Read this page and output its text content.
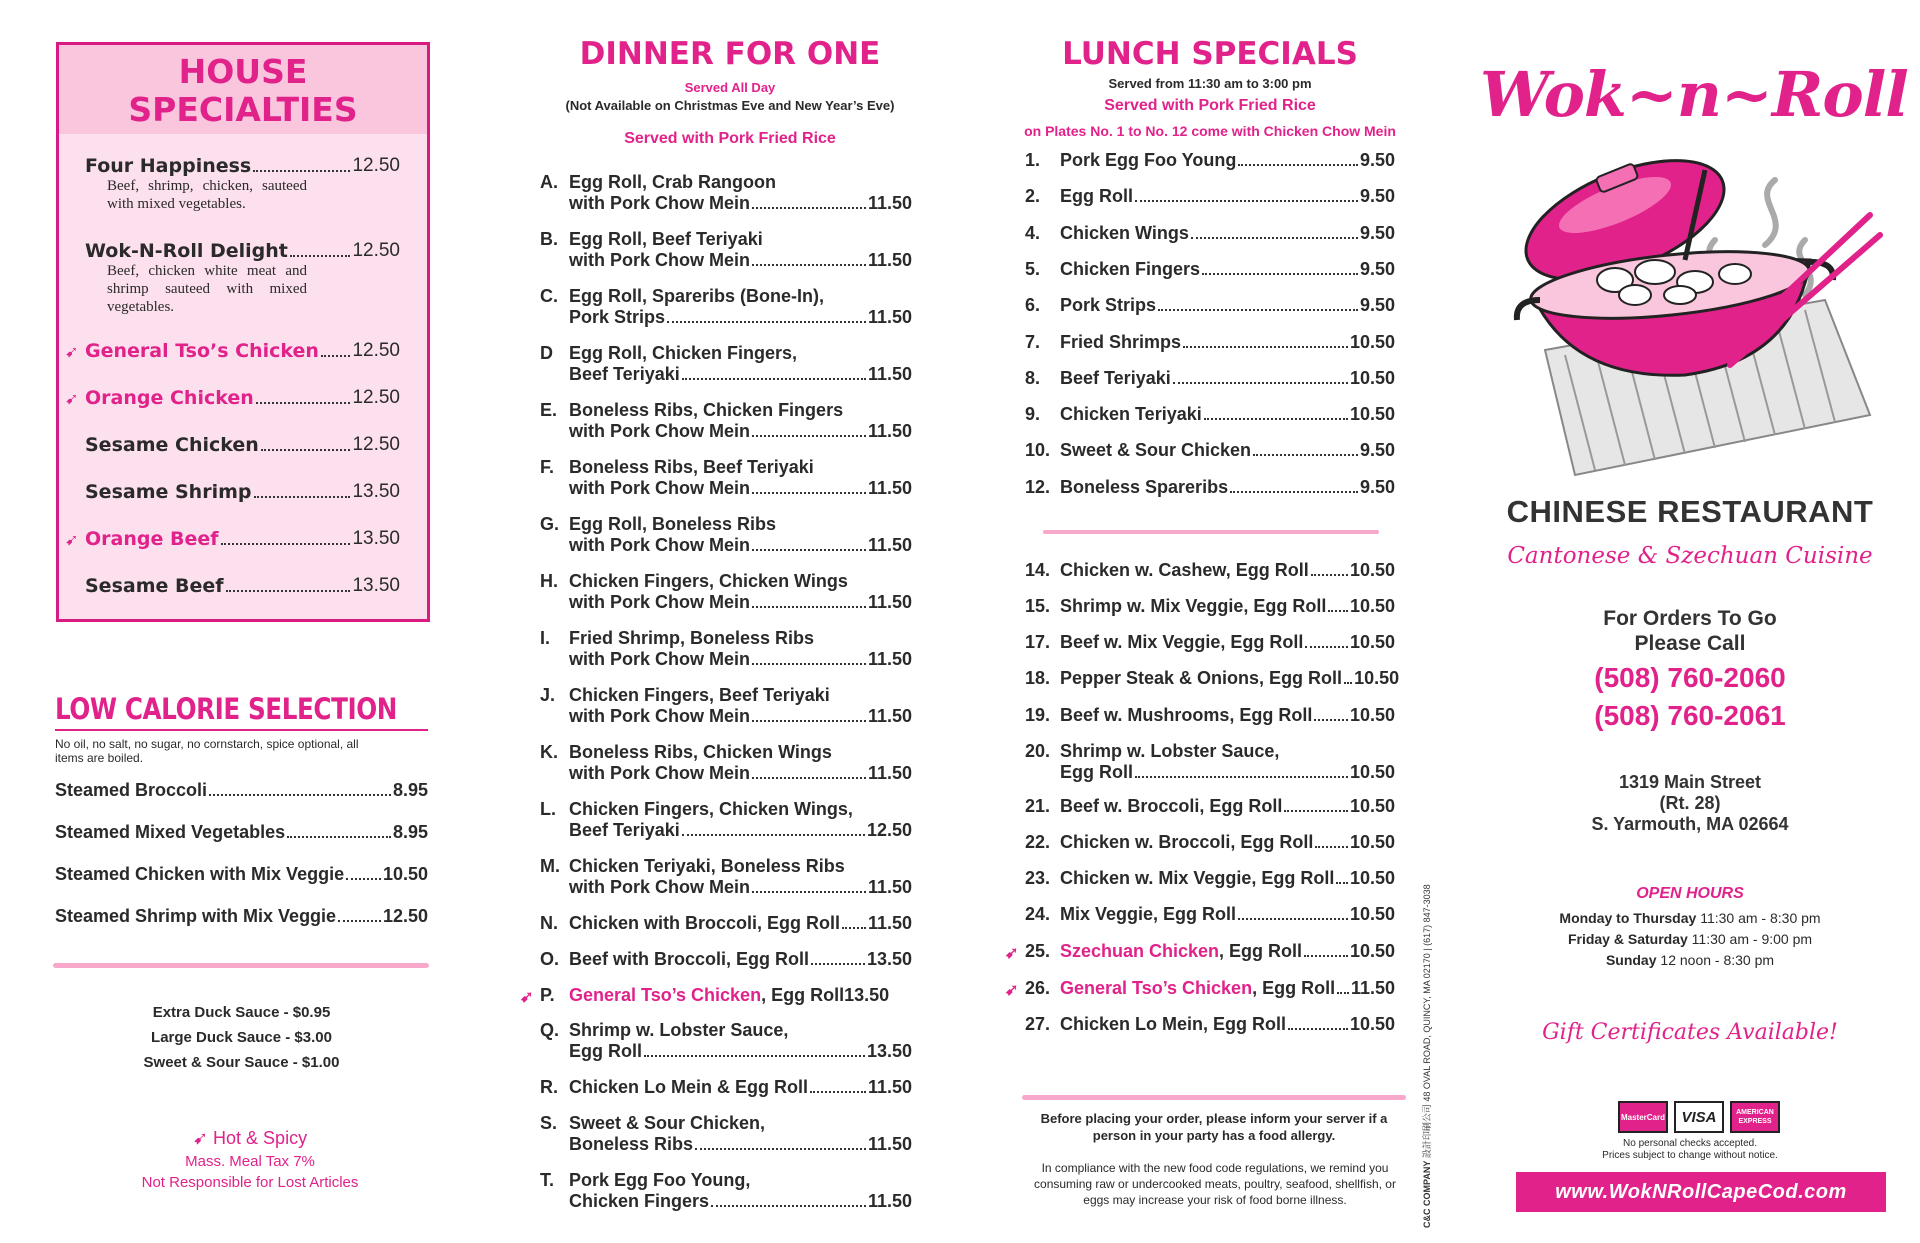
HOUSE
SPECIALTIES
Four Happiness	12.50
Beef, shrimp, chicken, sauteed with mixed vegetables.
Wok-N-Roll Delight	12.50
Beef, chicken white meat and shrimp sauteed with mixed vegetables.
➹ General Tso’s Chicken 12.50
➹ Orange Chicken	12.50
Sesame Chicken	12.50
Sesame Shrimp	13.50
➹ Orange Beef	13.50
Sesame Beef	13.50
LOW CALORIE SELECTION
No oil, no salt, no sugar, no cornstarch, spice optional, all items are boiled.
Steamed Broccoli	8.95
Steamed Mixed Vegetables	8.95
Steamed Chicken with Mix Veggie 10.50
Steamed Shrimp with Mix Veggie	12.50
Extra Duck Sauce - $0.95
Large Duck Sauce - $3.00
Sweet & Sour Sauce - $1.00
➹ Hot & Spicy
Mass. Meal Tax 7%
Not Responsible for Lost Articles
DINNER FOR ONE
Served All Day
(Not Available on Christmas Eve and New Year’s Eve)
Served with Pork Fried Rice
A. Egg Roll, Crab Rangoon
with Pork Chow Mein	11.50
B. Egg Roll, Beef Teriyaki
with Pork Chow Mein	11.50
C. Egg Roll, Spareribs (Bone-In),
Pork Strips	11.50
D Egg Roll, Chicken Fingers,
Beef Teriyaki	11.50
E. Boneless Ribs, Chicken Fingers
with Pork Chow Mein	11.50
F. Boneless Ribs, Beef Teriyaki
with Pork Chow Mein	11.50
G. Egg Roll, Boneless Ribs
with Pork Chow Mein	11.50
H. Chicken Fingers, Chicken Wings
with Pork Chow Mein	11.50
I.	Fried Shrimp, Boneless Ribs
with Pork Chow Mein	11.50
J. Chicken Fingers, Beef Teriyaki
with Pork Chow Mein	11.50
K. Boneless Ribs, Chicken Wings
with Pork Chow Mein	11.50
L. Chicken Fingers, Chicken Wings,
Beef Teriyaki	12.50
M. Chicken Teriyaki, Boneless Ribs
with Pork Chow Mein	11.50
N. Chicken with Broccoli, Egg Roll 11.50
O. Beef with Broccoli, Egg Roll	13.50
P.
➹ General Tso’s Chicken , Egg Roll 13.50
Q. Shrimp w. Lobster Sauce,
Egg Roll	13.50
R. Chicken Lo Mein & Egg Roll	11.50
S. Sweet & Sour Chicken,
Boneless Ribs	11.50
T. Pork Egg Foo Young,
Chicken Fingers	11.50
LUNCH SPECIALS
Served from 11:30 am to 3:00 pm
Served with Pork Fried Rice
on Plates No. 1 to No. 12 come with Chicken Chow Mein
1.	Pork Egg Foo Young	9.50
2.	Egg Roll	9.50
4.	Chicken Wings	9.50
5.	Chicken Fingers	9.50
6.	Pork Strips	9.50
7.	Fried Shrimps	10.50
8.	Beef Teriyaki	10.50
9.	Chicken Teriyaki	10.50
10. Sweet & Sour Chicken	9.50
12. Boneless Spareribs	9.50
14. Chicken w. Cashew, Egg Roll 10.50
15. Shrimp w. Mix Veggie, Egg Roll 10.50
17. Beef w. Mix Veggie, Egg Roll	10.50
18. Pepper Steak & Onions, Egg Roll 10.50
19. Beef w. Mushrooms, Egg Roll 10.50
20. Shrimp w. Lobster Sauce,
Egg Roll	10.50
21. Beef w. Broccoli, Egg Roll	10.50
22. Chicken w. Broccoli, Egg Roll 10.50
23. Chicken w. Mix Veggie, Egg Roll 10.50
24. Mix Veggie, Egg Roll	10.50
25.
➹ Szechuan Chicken , Egg Roll	10.50
26.
➹ General Tso’s Chicken , Egg Roll 11.50
27. Chicken Lo Mein, Egg Roll	10.50
Before placing your order, please inform your server if a person in your party has a food allergy.
In compliance with the new food code regulations, we remind you consuming raw or undercooked meats, poultry, seafood, shellfish, or eggs may increase your risk of food borne illness.	C&C COMPANY 設計印刷公司 48 OVAL ROAD, QUINCY, MA 02170 | (617) 847-3038
Wok~n~Roll
CHINESE RESTAURANT
Cantonese & Szechuan Cuisine
For Orders To Go
Please Call
(508) 760-2060
(508) 760-2061
1319 Main Street
(Rt. 28)
S. Yarmouth, MA 02664
OPEN HOURS
Monday to Thursday 11:30 am - 8:30 pm
Friday & Saturday 11:30 am - 9:00 pm
Sunday 12 noon - 8:30 pm
Gift Certificates Available!
MasterCard	VISA	AMERICAN EXPRESS
No personal checks accepted.
Prices subject to change without notice.
www.WokNRollCapeCod.com
